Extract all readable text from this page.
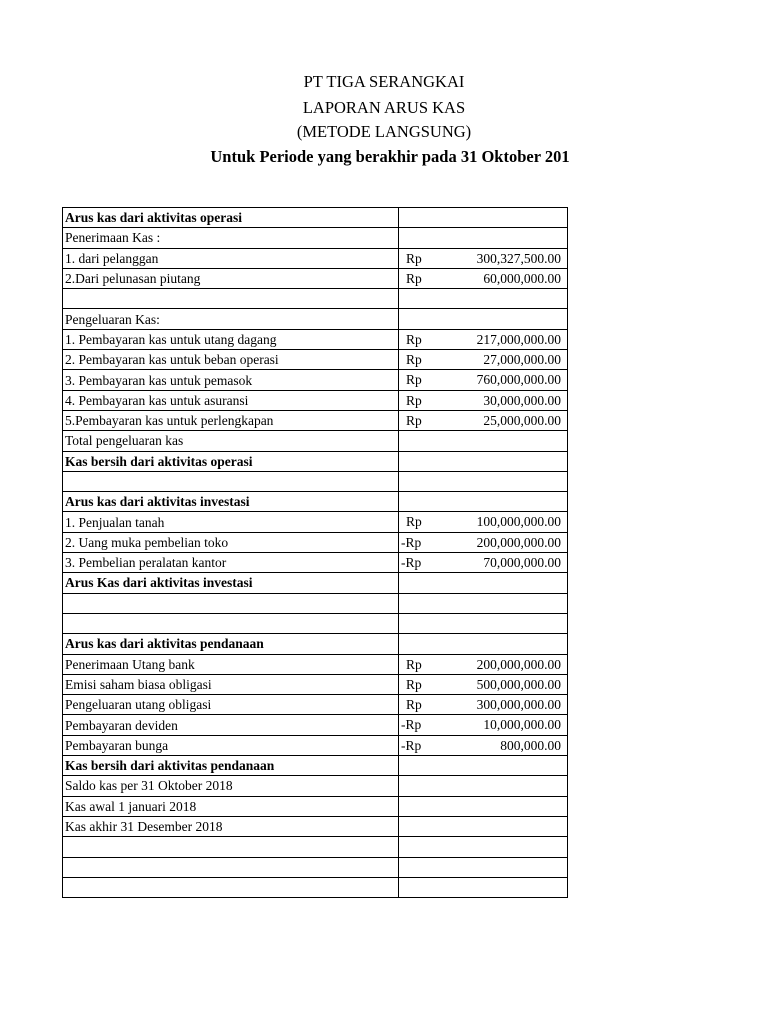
PT TIGA SERANGKAI
LAPORAN ARUS KAS
(METODE LANGSUNG)
Untuk Periode yang berakhir pada 31 Oktober 201
Arus kas dari aktivitas operasi	

Penerimaan Kas :	

1. dari pelanggan	Rp 300,327,500.00

2.Dari pelunasan piutang	Rp 60,000,000.00

Pengeluaran Kas:	

1. Pembayaran kas untuk utang dagang	Rp 217,000,000.00

2. Pembayaran kas untuk beban operasi	Rp 27,000,000.00

3. Pembayaran kas untuk pemasok	Rp 760,000,000.00

4. Pembayaran kas untuk asuransi	Rp 30,000,000.00

5.Pembayaran kas untuk perlengkapan	Rp 25,000,000.00

Total pengeluaran kas	

Kas bersih dari aktivitas operasi	

Arus kas dari aktivitas investasi	

1. Penjualan tanah	Rp 100,000,000.00

2. Uang muka pembelian toko	-Rp 200,000,000.00

3. Pembelian peralatan kantor	-Rp 70,000,000.00

Arus Kas dari aktivitas investasi	

Arus kas dari aktivitas pendanaan	

Penerimaan Utang bank	Rp 200,000,000.00

Emisi saham biasa obligasi	Rp 500,000,000.00

Pengeluaran utang obligasi	Rp 300,000,000.00

Pembayaran deviden	-Rp 10,000,000.00

Pembayaran bunga	-Rp 800,000.00

Kas bersih dari aktivitas pendanaan	

Saldo kas per 31 Oktober 2018	

Kas awal 1 januari 2018	

Kas akhir 31 Desember 2018	
